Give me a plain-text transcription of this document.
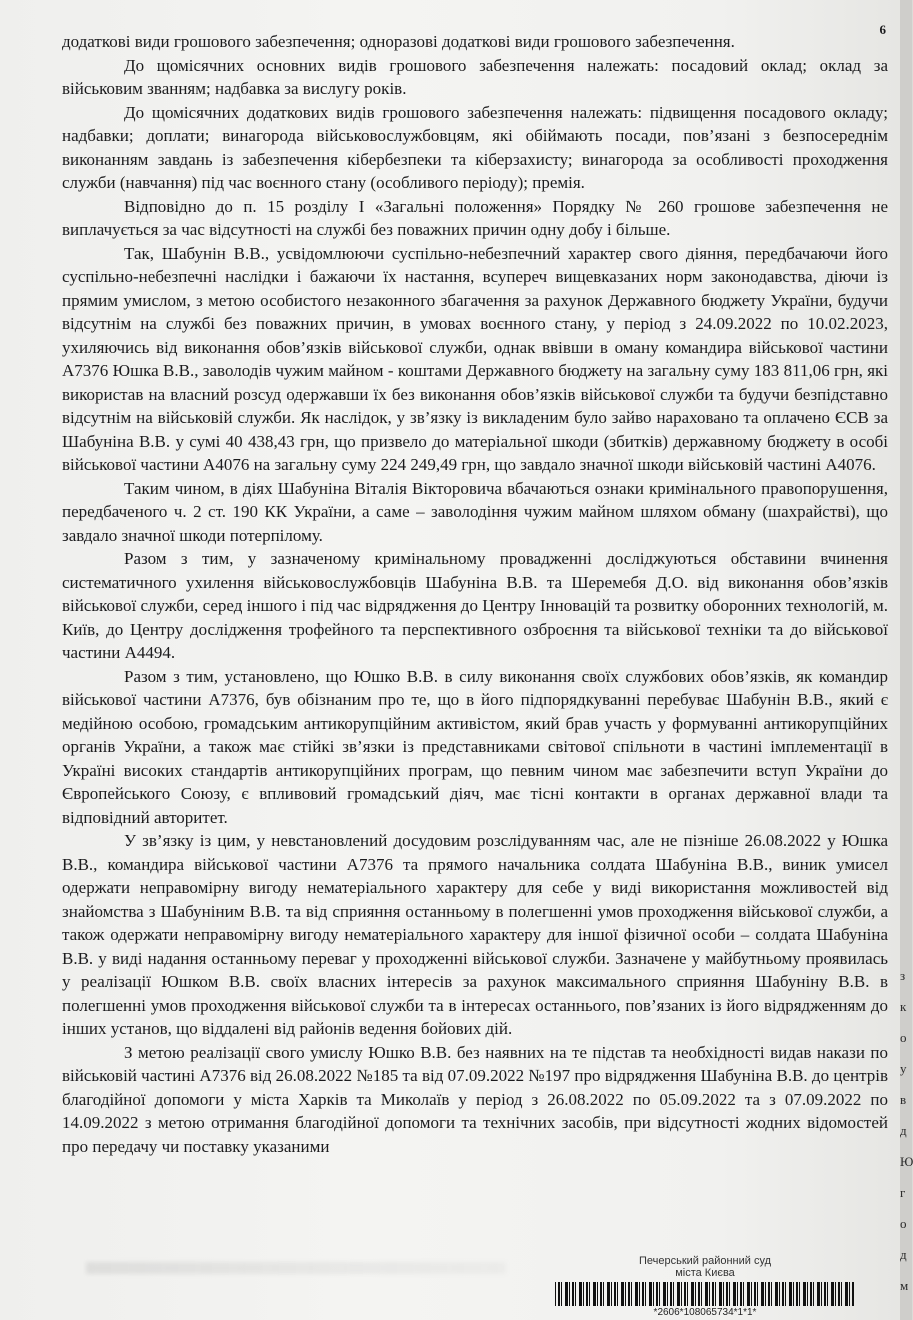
6

додаткові види грошового забезпечення; одноразові додаткові види грошового забезпечення.

До щомісячних основних видів грошового забезпечення належать: посадовий оклад; оклад за військовим званням; надбавка за вислугу років.

До щомісячних додаткових видів грошового забезпечення належать: підвищення посадового окладу; надбавки; доплати; винагорода військовослужбовцям, які обіймають посади, пов’язані з безпосереднім виконанням завдань із забезпечення кібербезпеки та кіберзахисту; винагорода за особливості проходження служби (навчання) під час воєнного стану (особливого періоду); премія.

Відповідно до п. 15 розділу І «Загальні положення» Порядку № 260 грошове забезпечення не виплачується за час відсутності на службі без поважних причин одну добу і більше.

Так, Шабунін В.В., усвідомлюючи суспільно-небезпечний характер свого діяння, передбачаючи його суспільно-небезпечні наслідки і бажаючи їх настання, всупереч вищевказаних норм законодавства, діючи із прямим умислом, з метою особистого незаконного збагачення за рахунок Державного бюджету України, будучи відсутнім на службі без поважних причин, в умовах воєнного стану, у період з 24.09.2022 по 10.02.2023, ухиляючись від виконання обов’язків військової служби, однак ввівши в оману командира військової частини А7376 Юшка В.В., заволодів чужим майном - коштами Державного бюджету на загальну суму 183 811,06 грн, які використав на власний розсуд одержавши їх без виконання обов’язків військової служби та будучи безпідставно відсутнім на військовій служби. Як наслідок, у зв’язку із викладеним було зайво нараховано та оплачено ЄСВ за Шабуніна В.В. у сумі 40 438,43 грн, що призвело до матеріальної шкоди (збитків) державному бюджету в особі військової частини А4076 на загальну суму 224 249,49 грн, що завдало значної шкоди військовій частині А4076.

Таким чином, в діях Шабуніна Віталія Вікторовича вбачаються ознаки кримінального правопорушення, передбаченого ч. 2 ст. 190 КК України, а саме – заволодіння чужим майном шляхом обману (шахрайстві), що завдало значної шкоди потерпілому.

Разом з тим, у зазначеному кримінальному провадженні досліджуються обставини вчинення систематичного ухилення військовослужбовців Шабуніна В.В. та Шеремебя Д.О. від виконання обов’язків військової служби, серед іншого і під час відрядження до Центру Інновацій та розвитку оборонних технологій, м. Київ, до Центру дослідження трофейного та перспективного озброєння та військової техніки та до військової частини А4494.

Разом з тим, установлено, що Юшко В.В. в силу виконання своїх службових обов’язків, як командир військової частини А7376, був обізнаним про те, що в його підпорядкуванні перебуває Шабунін В.В., який є медійною особою, громадським антикорупційним активістом, який брав участь у формуванні антикорупційних органів України, а також має стійкі зв’язки із представниками світової спільноти в частині імплементації в Україні високих стандартів антикорупційних програм, що певним чином має забезпечити вступ України до Європейського Союзу, є впливовий громадський діяч, має тісні контакти в органах державної влади та відповідний авторитет.

У зв’язку із цим, у невстановлений досудовим розслідуванням час, але не пізніше 26.08.2022 у Юшка В.В., командира військової частини А7376 та прямого начальника солдата Шабуніна В.В., виник умисел одержати неправомірну вигоду нематеріального характеру для себе у виді використання можливостей від знайомства з Шабуніним В.В. та від сприяння останньому в полегшенні умов проходження військової служби, а також одержати неправомірну вигоду нематеріального характеру для іншої фізичної особи – солдата Шабуніна В.В. у виді надання останньому переваг у проходженні військової служби. Зазначене у майбутньому проявилась у реалізації Юшком В.В. своїх власних інтересів за рахунок максимального сприяння Шабуніну В.В. в полегшенні умов проходження військової служби та в інтересах останнього, пов’язаних із його відрядженням до інших установ, що віддалені від районів ведення бойових дій.

З метою реалізації свого умислу Юшко В.В. без наявних на те підстав та необхідності видав накази по військовій частині А7376 від 26.08.2022 №185 та від 07.09.2022 №197 про відрядження Шабуніна В.В. до центрів благодійної допомоги у міста Харків та Миколаїв у період з 26.08.2022 по 05.09.2022 та з 07.09.2022 по 14.09.2022 з метою отримання благодійної допомоги та технічних засобів, при відсутності жодних відомостей про передачу чи поставку указаними

Печерський районний суд
міста Києва
*2606*108065734*1*1*
з
к
о
у
в
д
Ю
г
о
д
м
